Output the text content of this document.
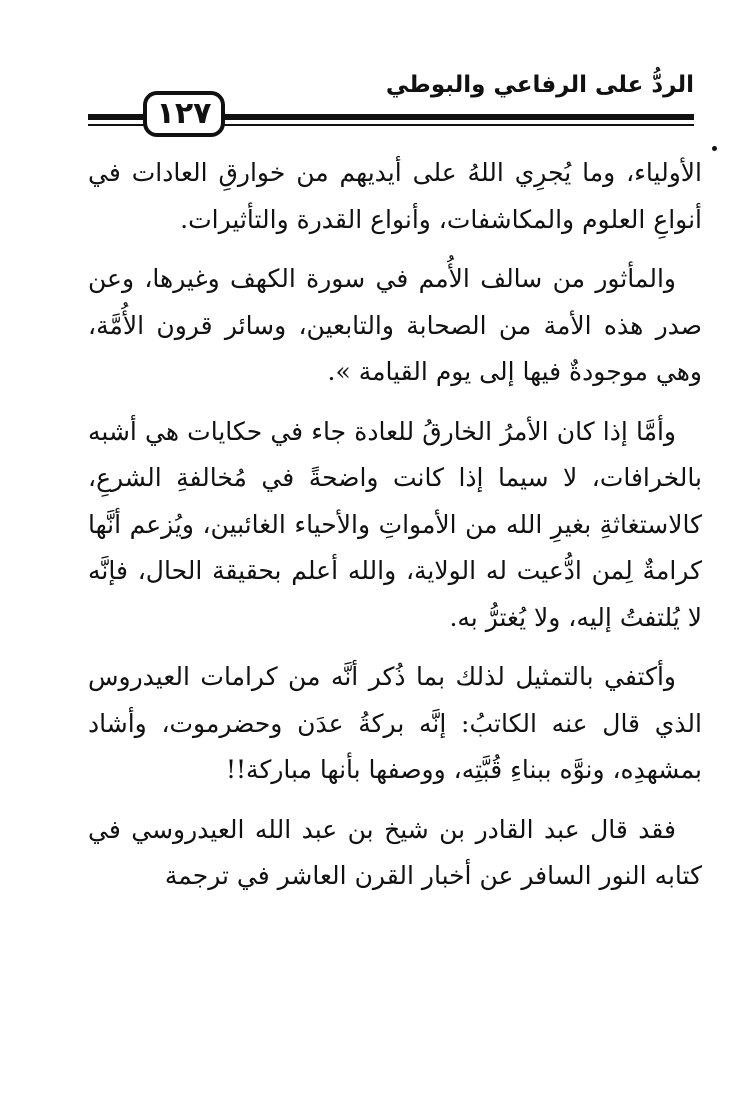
الردُّ على الرفاعي والبوطي
١٢٧

الأولياء، وما يُجرِي اللهُ على أيديهم من خوارقِ العادات في أنواعِ العلوم والمكاشفات، وأنواع القدرة والتأثيرات.

والمأثور من سالف الأُمم في سورة الكهف وغيرها، وعن صدر هذه الأمة من الصحابة والتابعين، وسائر قرون الأُمَّة، وهي موجودةٌ فيها إلى يوم القيامة ».

وأمَّا إذا كان الأمرُ الخارقُ للعادة جاء في حكايات هي أشبه بالخرافات، لا سيما إذا كانت واضحةً في مُخالفةِ الشرعِ، كالاستغاثةِ بغيرِ الله من الأمواتِ والأحياء الغائبين، ويُزعم أنَّها كرامةٌ لِمن ادُّعيت له الولاية، والله أعلم بحقيقة الحال، فإنَّه لا يُلتفتُ إليه، ولا يُغترُّ به.

وأكتفي بالتمثيل لذلك بما ذُكر أنَّه من كرامات العيدروس الذي قال عنه الكاتبُ: إنَّه بركةُ عدَن وحضرموت، وأشاد بمشهدِه، ونوَّه ببناءِ قُبَّتِه، ووصفها بأنها مباركة!!

فقد قال عبد القادر بن شيخ بن عبد الله العيدروسي في كتابه النور السافر عن أخبار القرن العاشر في ترجمة
